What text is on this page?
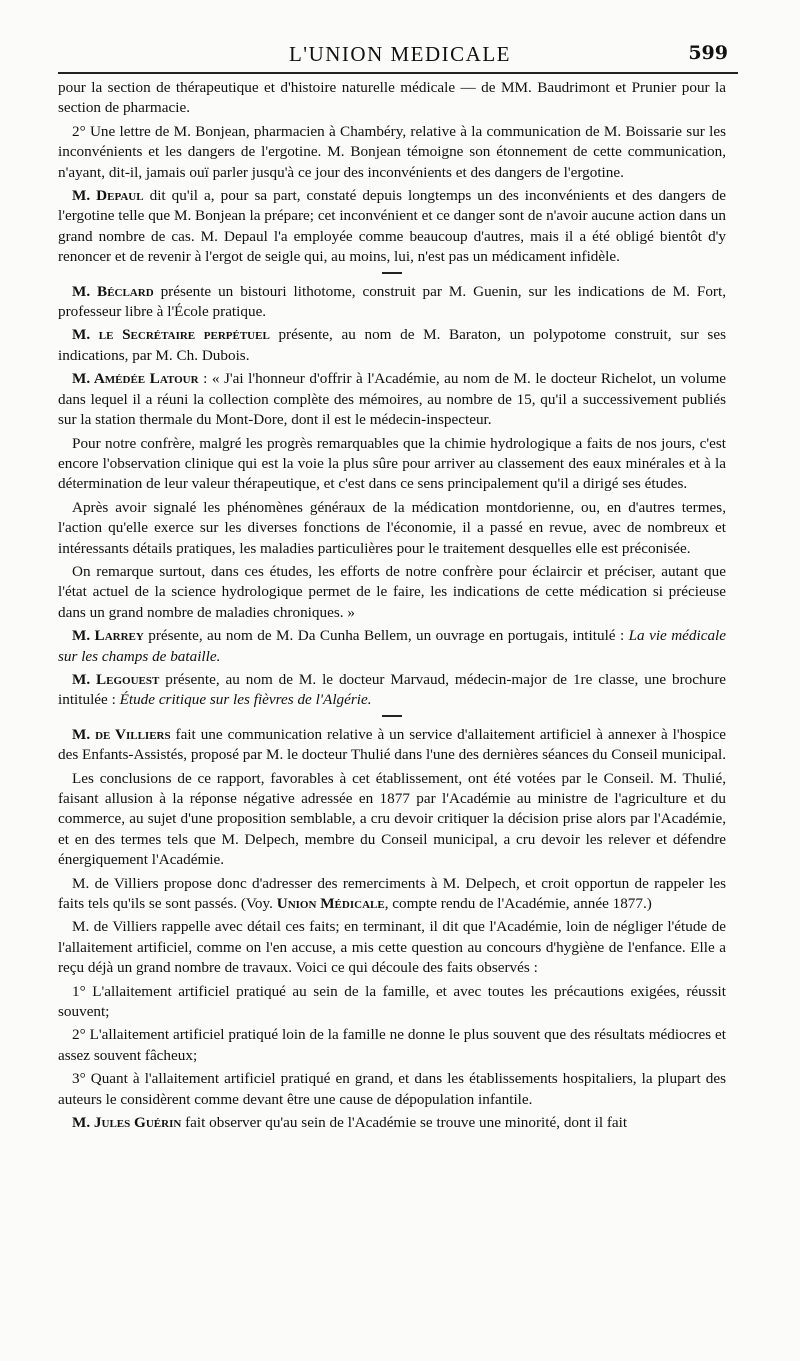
L'UNION MEDICALE	599

pour la section de thérapeutique et d'histoire naturelle médicale — de MM. Baudrimont et Prunier pour la section de pharmacie.

2° Une lettre de M. Bonjean, pharmacien à Chambéry, relative à la communication de M. Boissarie sur les inconvénients et les dangers de l'ergotine. M. Bonjean témoigne son étonnement de cette communication, n'ayant, dit-il, jamais ouï parler jusqu'à ce jour des inconvénients et des dangers de l'ergotine.

M. Depaul dit qu'il a, pour sa part, constaté depuis longtemps un des inconvénients et des dangers de l'ergotine telle que M. Bonjean la prépare; cet inconvénient et ce danger sont de n'avoir aucune action dans un grand nombre de cas. M. Depaul l'a employée comme beaucoup d'autres, mais il a été obligé bientôt d'y renoncer et de revenir à l'ergot de seigle qui, au moins, lui, n'est pas un médicament infidèle.

M. Béclard présente un bistouri lithotome, construit par M. Guenin, sur les indications de M. Fort, professeur libre à l'École pratique.

M. le Secrétaire perpétuel présente, au nom de M. Baraton, un polypotome construit, sur ses indications, par M. Ch. Dubois.

M. Amédée Latour : « J'ai l'honneur d'offrir à l'Académie, au nom de M. le docteur Richelot, un volume dans lequel il a réuni la collection complète des mémoires, au nombre de 15, qu'il a successivement publiés sur la station thermale du Mont-Dore, dont il est le médecin-inspecteur.

Pour notre confrère, malgré les progrès remarquables que la chimie hydrologique a faits de nos jours, c'est encore l'observation clinique qui est la voie la plus sûre pour arriver au classement des eaux minérales et à la détermination de leur valeur thérapeutique, et c'est dans ce sens principalement qu'il a dirigé ses études.

Après avoir signalé les phénomènes généraux de la médication montdorienne, ou, en d'autres termes, l'action qu'elle exerce sur les diverses fonctions de l'économie, il a passé en revue, avec de nombreux et intéressants détails pratiques, les maladies particulières pour le traitement desquelles elle est préconisée.

On remarque surtout, dans ces études, les efforts de notre confrère pour éclaircir et préciser, autant que l'état actuel de la science hydrologique permet de le faire, les indications de cette médication si précieuse dans un grand nombre de maladies chroniques. »

M. Larrey présente, au nom de M. Da Cunha Bellem, un ouvrage en portugais, intitulé : La vie médicale sur les champs de bataille.

M. Legouest présente, au nom de M. le docteur Marvaud, médecin-major de 1re classe, une brochure intitulée : Étude critique sur les fièvres de l'Algérie.

M. de Villiers fait une communication relative à un service d'allaitement artificiel à annexer à l'hospice des Enfants-Assistés, proposé par M. le docteur Thulié dans l'une des dernières séances du Conseil municipal.

Les conclusions de ce rapport, favorables à cet établissement, ont été votées par le Conseil. M. Thulié, faisant allusion à la réponse négative adressée en 1877 par l'Académie au ministre de l'agriculture et du commerce, au sujet d'une proposition semblable, a cru devoir critiquer la décision prise alors par l'Académie, et en des termes tels que M. Delpech, membre du Conseil municipal, a cru devoir les relever et défendre énergiquement l'Académie.

M. de Villiers propose donc d'adresser des remerciments à M. Delpech, et croit opportun de rappeler les faits tels qu'ils se sont passés. (Voy. Union Médicale, compte rendu de l'Académie, année 1877.)

M. de Villiers rappelle avec détail ces faits; en terminant, il dit que l'Académie, loin de négliger l'étude de l'allaitement artificiel, comme on l'en accuse, a mis cette question au concours d'hygiène de l'enfance. Elle a reçu déjà un grand nombre de travaux. Voici ce qui découle des faits observés :

1° L'allaitement artificiel pratiqué au sein de la famille, et avec toutes les précautions exigées, réussit souvent;

2° L'allaitement artificiel pratiqué loin de la famille ne donne le plus souvent que des résultats médiocres et assez souvent fâcheux;

3° Quant à l'allaitement artificiel pratiqué en grand, et dans les établissements hospitaliers, la plupart des auteurs le considèrent comme devant être une cause de dépopulation infantile.

M. Jules Guérin fait observer qu'au sein de l'Académie se trouve une minorité, dont il fait
